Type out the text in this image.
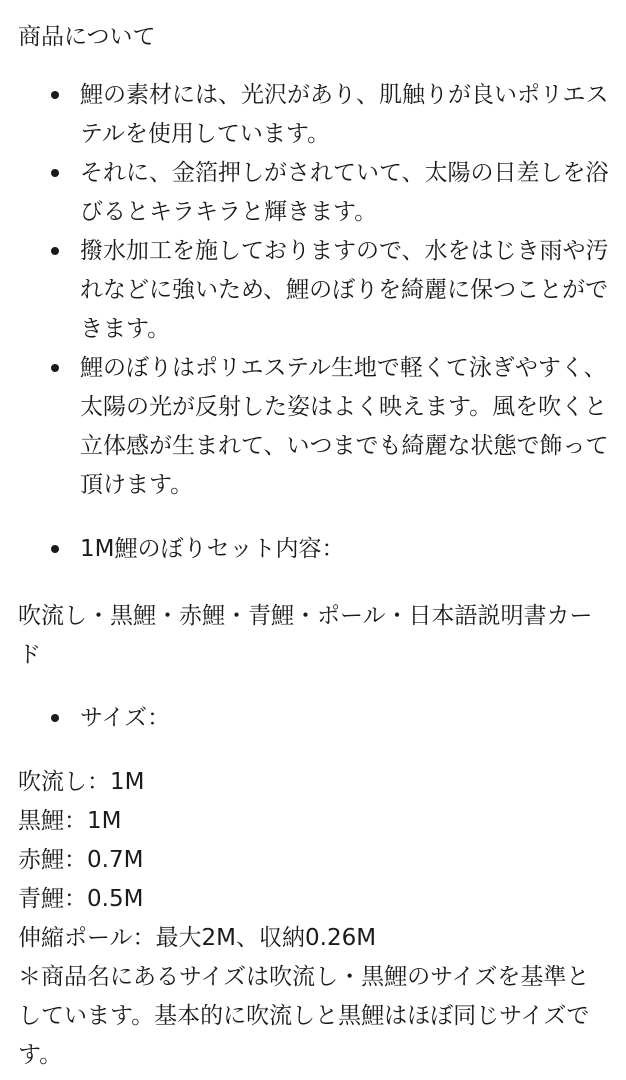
商品について
鯉の素材には、光沢があり、肌触りが良いポリエステルを使用しています。
それに、金箔押しがされていて、太陽の日差しを浴びるとキラキラと輝きます。
撥水加工を施しておりますので、水をはじき雨や汚れなどに強いため、鯉のぼりを綺麗に保つことができます。
鯉のぼりはポリエステル生地で軽くて泳ぎやすく、太陽の光が反射した姿はよく映えます。風を吹くと立体感が生まれて、いつまでも綺麗な状態で飾って頂けます。
1M鯉のぼりセット内容：

吹流し・黒鯉・赤鯉・青鯉・ポール・日本語説明書カード

サイズ：
吹流し：1M
黒鯉：1M
赤鯉：0.7M
青鯉：0.5M
伸縮ポール：最大2M、収納0.26M

＊商品名にあるサイズは吹流し・黒鯉のサイズを基準としています。基本的に吹流しと黒鯉はほぼ同じサイズです。
